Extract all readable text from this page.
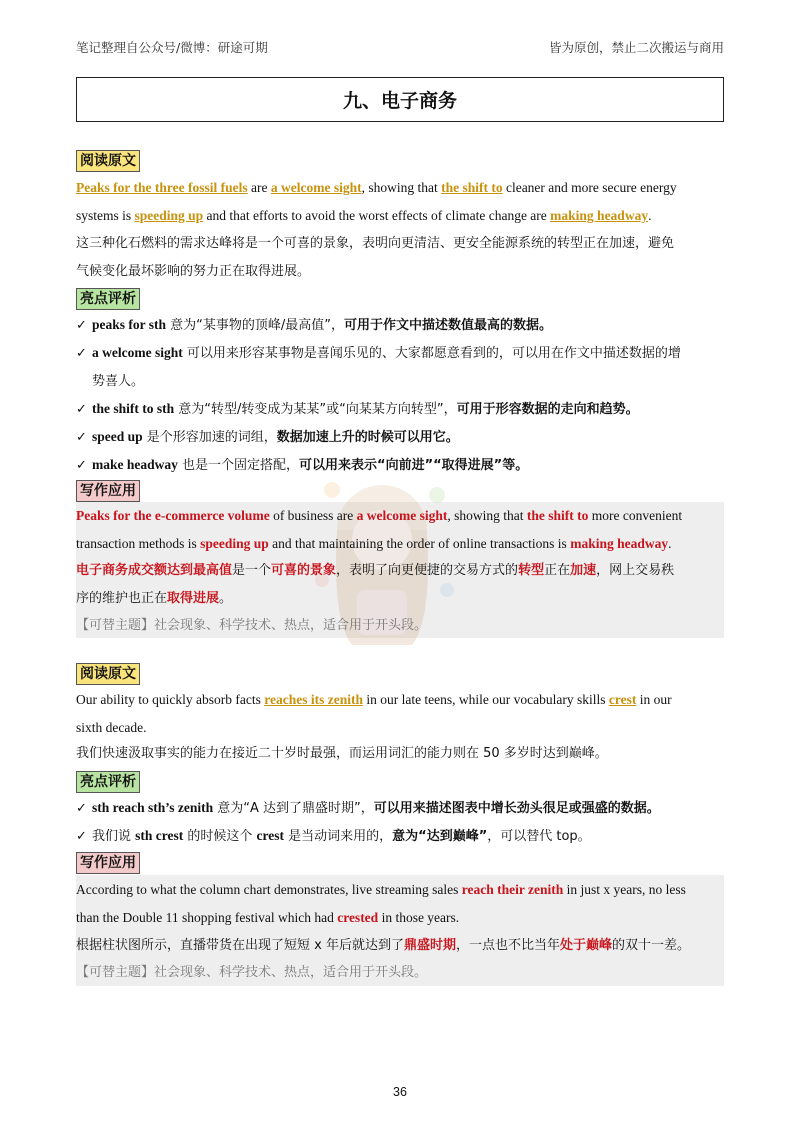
笔记整理自公众号/微博：研途可期	皆为原创，禁止二次搬运与商用
九、电子商务
阅读原文
Peaks for the three fossil fuels are a welcome sight, showing that the shift to cleaner and more secure energy
systems is speeding up and that efforts to avoid the worst effects of climate change are making headway.
这三种化石燃料的需求达峰将是一个可喜的景象，表明向更清洁、更安全能源系统的转型正在加速，避免
气候变化最坏影响的努力正在取得进展。
亮点评析
✓ peaks for sth 意为“某事物的顶峰/最高值”，可用于作文中描述数值最高的数据。
✓ a welcome sight 可以用来形容某事物是喜闻乐见的、大家都愿意看到的，可以用在作文中描述数据的增
势喜人。
✓ the shift to sth 意为“转型/转变成为某某”或“向某某方向转型”，可用于形容数据的走向和趋势。
✓ speed up 是个形容加速的词组，数据加速上升的时候可以用它。
✓ make headway 也是一个固定搭配，可以用来表示“向前进”“取得进展”等。
写作应用
Peaks for the e-commerce volume of business are a welcome sight, showing that the shift to more convenient
transaction methods is speeding up and that maintaining the order of online transactions is making headway.
电子商务成交额达到最高值是一个可喜的景象，表明了向更便捷的交易方式的转型正在加速，网上交易秩
序的维护也正在取得进展。
【可替主题】社会现象、科学技术、热点，适合用于开头段。
阅读原文
Our ability to quickly absorb facts reaches its zenith in our late teens, while our vocabulary skills crest in our
sixth decade.
我们快速汲取事实的能力在接近二十岁时最强，而运用词汇的能力则在 50 多岁时达到巅峰。
亮点评析
✓ sth reach sth’s zenith 意为“A 达到了鼎盛时期”，可以用来描述图表中增长劲头很足或强盛的数据。
✓ 我们说 sth crest 的时候这个 crest 是当动词来用的，意为“达到巅峰”，可以替代 top。
写作应用
According to what the column chart demonstrates, live streaming sales reach their zenith in just x years, no less
than the Double 11 shopping festival which had crested in those years.
根据柱状图所示，直播带货在出现了短短 x 年后就达到了鼎盛时期，一点也不比当年处于巅峰的双十一差。
【可替主题】社会现象、科学技术、热点，适合用于开头段。
36
